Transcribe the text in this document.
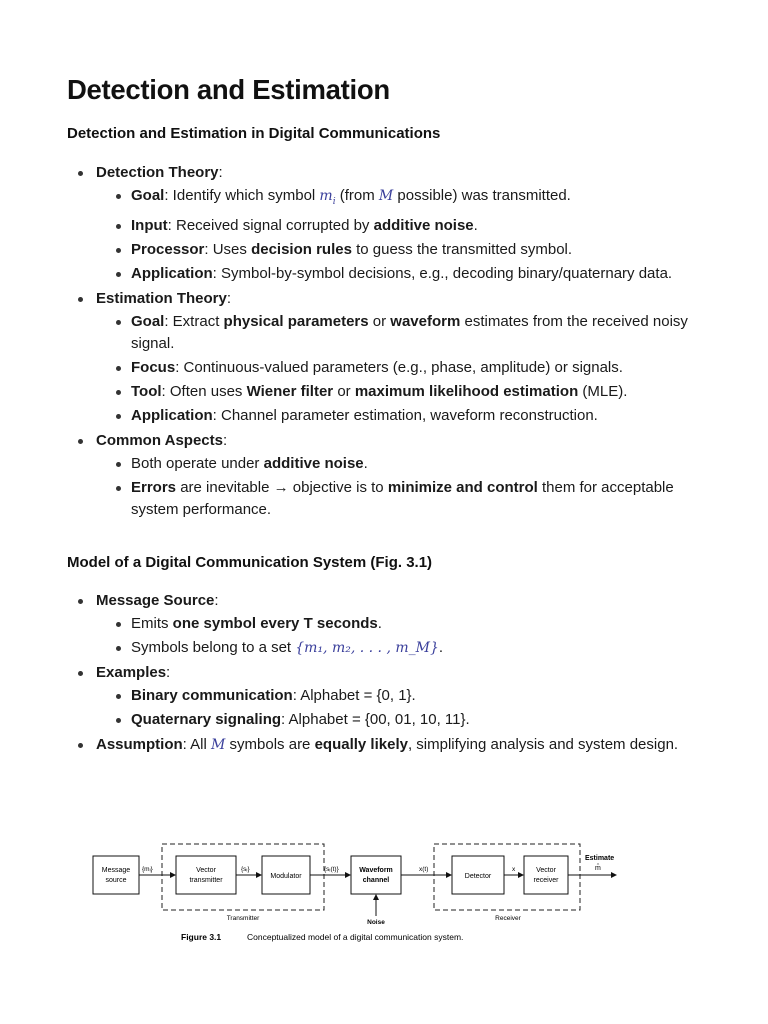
Detection and Estimation

Detection and Estimation in Digital Communications

Detection Theory:
Goal: Identify which symbol $m_i$ (from M possible) was transmitted.
Input: Received signal corrupted by additive noise.
Processor: Uses decision rules to guess the transmitted symbol.
Application: Symbol-by-symbol decisions, e.g., decoding binary/quaternary data.
Estimation Theory:
Goal: Extract physical parameters or waveform estimates from the received noisy signal.
Focus: Continuous-valued parameters (e.g., phase, amplitude) or signals.
Tool: Often uses Wiener filter or maximum likelihood estimation (MLE).
Application: Channel parameter estimation, waveform reconstruction.
Common Aspects:
Both operate under additive noise.
Errors are inevitable → objective is to minimize and control them for acceptable system performance.

Model of a Digital Communication System (Fig. 3.1)

Message Source:
Emits one symbol every T seconds.
Symbols belong to a set {m₁, m₂, . . . , m_M}.
Examples:
Binary communication: Alphabet = {0, 1}.
Quaternary signaling: Alphabet = {00, 01, 10, 11}.
Assumption: All M symbols are equally likely, simplifying analysis and system design.
Message
source
Vector
transmitter
Modulator
Waveform
channel
Detector
Vector
receiver
{mᵢ}	{sᵢ}	{sᵢ(t)}	x(t)	x
Estimate
m̂
Transmitter	Receiver
Noise
Figure 3.1	Conceptualized model of a digital communication system.
